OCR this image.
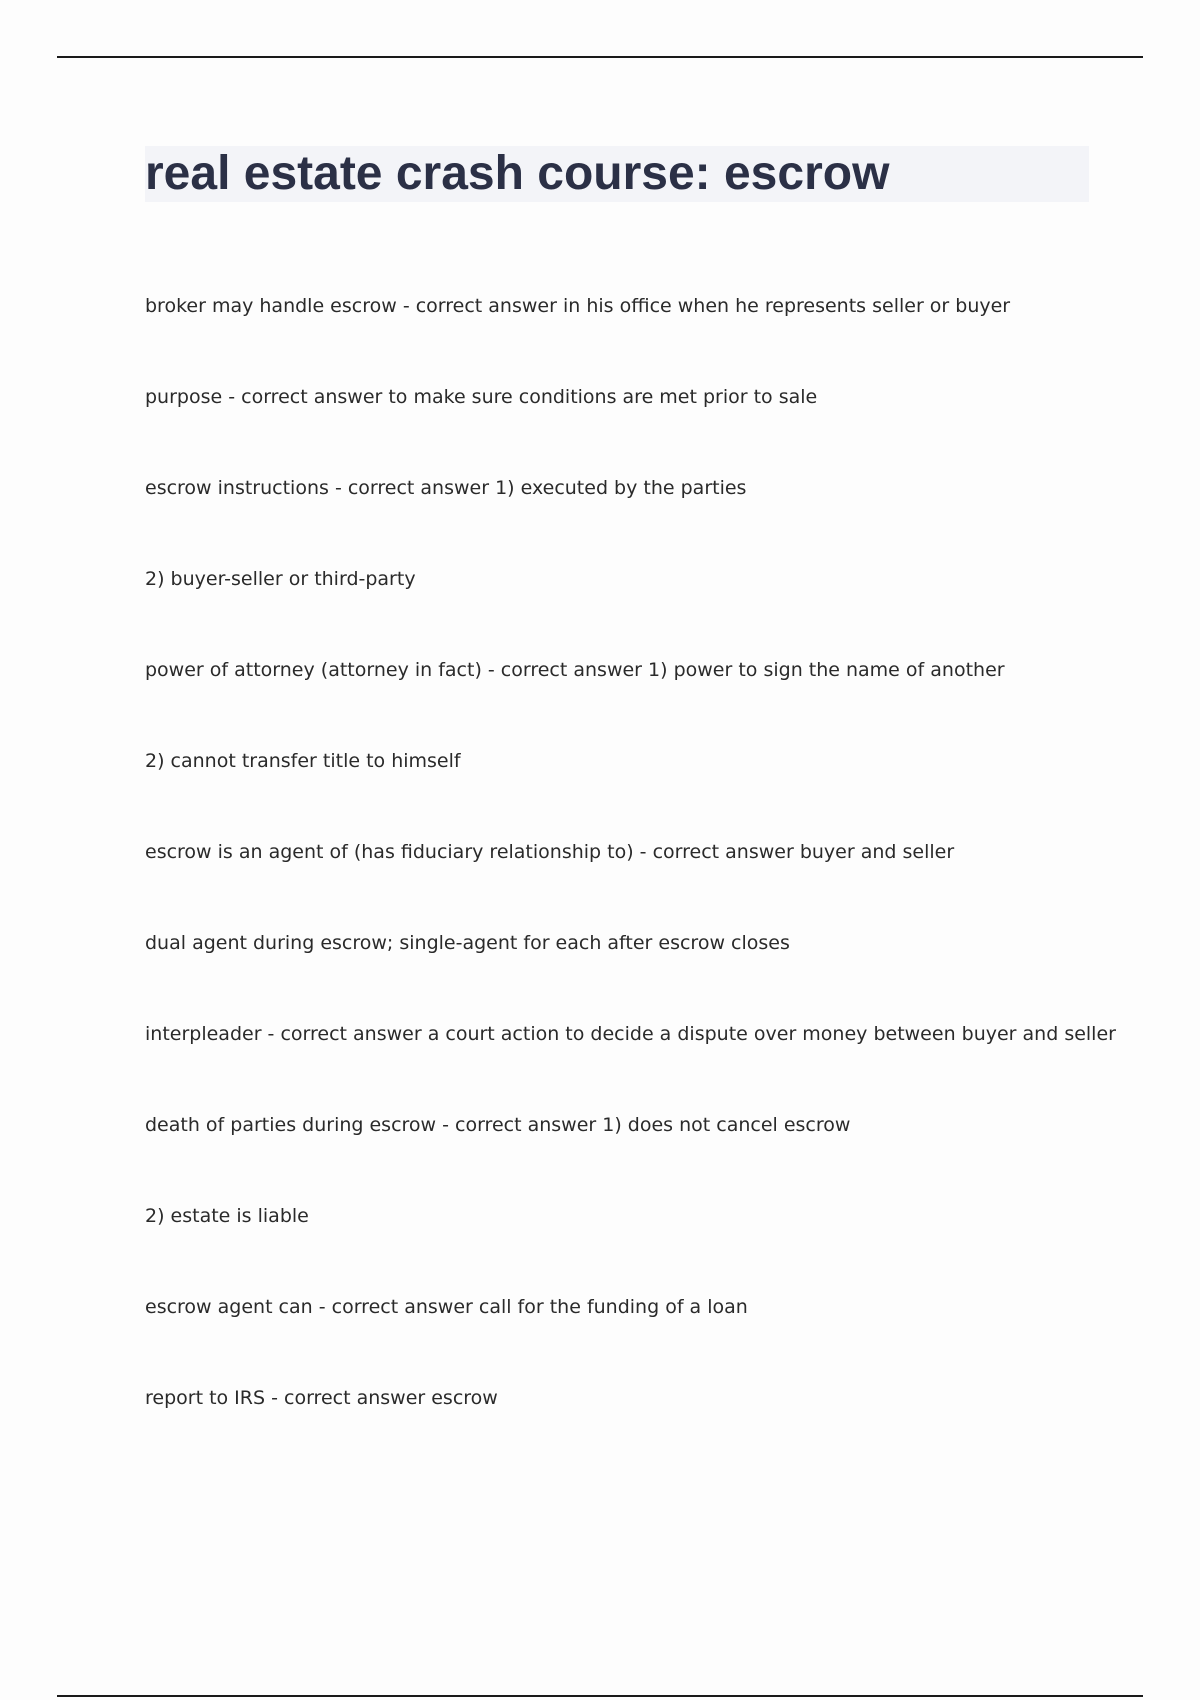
real estate crash course: escrow

broker may handle escrow - correct answer in his office when he represents seller or buyer

purpose - correct answer to make sure conditions are met prior to sale

escrow instructions - correct answer 1) executed by the parties

2) buyer-seller or third-party

power of attorney (attorney in fact) - correct answer 1) power to sign the name of another

2) cannot transfer title to himself

escrow is an agent of (has fiduciary relationship to) - correct answer buyer and seller

dual agent during escrow; single-agent for each after escrow closes

interpleader - correct answer a court action to decide a dispute over money between buyer and seller

death of parties during escrow - correct answer 1) does not cancel escrow

2) estate is liable

escrow agent can - correct answer call for the funding of a loan

report to IRS - correct answer escrow
